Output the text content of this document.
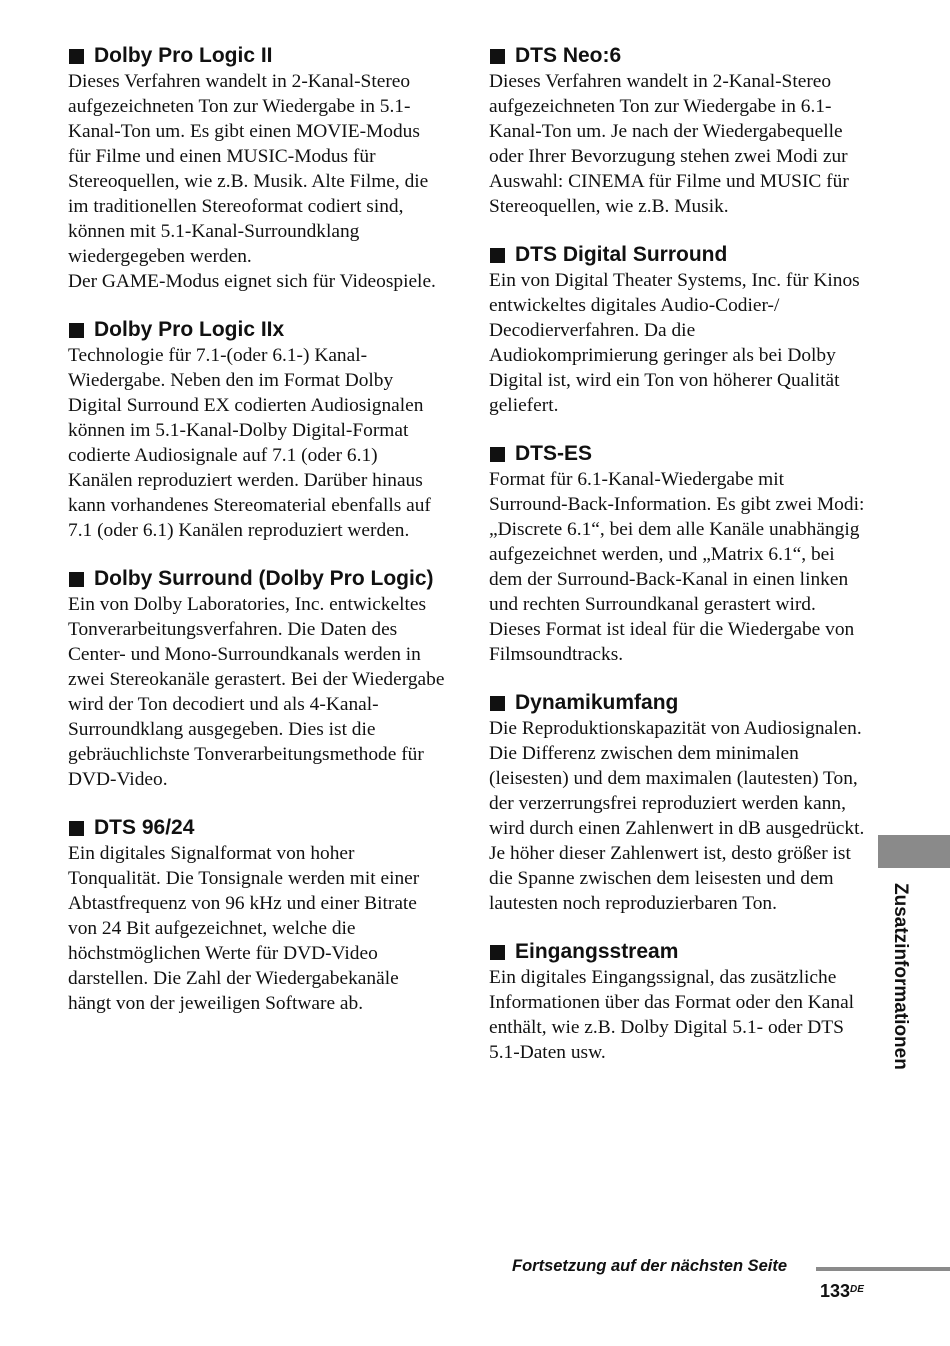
Dolby Pro Logic II

Dieses Verfahren wandelt in 2-Kanal-Stereo aufgezeichneten Ton zur Wiedergabe in 5.1-Kanal-Ton um. Es gibt einen MOVIE-Modus für Filme und einen MUSIC-Modus für Stereoquellen, wie z.B. Musik. Alte Filme, die im traditionellen Stereoformat codiert sind, können mit 5.1-Kanal-Surroundklang wiedergegeben werden.
Der GAME-Modus eignet sich für Videospiele.

Dolby Pro Logic IIx

Technologie für 7.1-(oder 6.1-) Kanal-Wiedergabe. Neben den im Format Dolby Digital Surround EX codierten Audiosignalen können im 5.1-Kanal-Dolby Digital-Format codierte Audiosignale auf 7.1 (oder 6.1) Kanälen reproduziert werden. Darüber hinaus kann vorhandenes Stereomaterial ebenfalls auf 7.1 (oder 6.1) Kanälen reproduziert werden.

Dolby Surround (Dolby Pro Logic)

Ein von Dolby Laboratories, Inc. entwickeltes Tonverarbeitungsverfahren. Die Daten des Center- und Mono-Surroundkanals werden in zwei Stereokanäle gerastert. Bei der Wiedergabe wird der Ton decodiert und als 4-Kanal-Surroundklang ausgegeben. Dies ist die gebräuchlichste Tonverarbeitungsmethode für DVD-Video.

DTS 96/24

Ein digitales Signalformat von hoher Tonqualität. Die Tonsignale werden mit einer Abtastfrequenz von 96 kHz und einer Bitrate von 24 Bit aufgezeichnet, welche die höchstmöglichen Werte für DVD-Video darstellen. Die Zahl der Wiedergabekanäle hängt von der jeweiligen Software ab.

DTS Neo:6

Dieses Verfahren wandelt in 2-Kanal-Stereo aufgezeichneten Ton zur Wiedergabe in 6.1-Kanal-Ton um. Je nach der Wiedergabequelle oder Ihrer Bevorzugung stehen zwei Modi zur Auswahl: CINEMA für Filme und MUSIC für Stereoquellen, wie z.B. Musik.

DTS Digital Surround

Ein von Digital Theater Systems, Inc. für Kinos entwickeltes digitales Audio-Codier-/ Decodierverfahren. Da die Audiokomprimierung geringer als bei Dolby Digital ist, wird ein Ton von höherer Qualität geliefert.

DTS-ES

Format für 6.1-Kanal-Wiedergabe mit Surround-Back-Information. Es gibt zwei Modi: „Discrete 6.1“, bei dem alle Kanäle unabhängig aufgezeichnet werden, und „Matrix 6.1“, bei dem der Surround-Back-Kanal in einen linken und rechten Surroundkanal gerastert wird. Dieses Format ist ideal für die Wiedergabe von Filmsoundtracks.

Dynamikumfang

Die Reproduktionskapazität von Audiosignalen. Die Differenz zwischen dem minimalen (leisesten) und dem maximalen (lautesten) Ton, der verzerrungsfrei reproduziert werden kann, wird durch einen Zahlenwert in dB ausgedrückt. Je höher dieser Zahlenwert ist, desto größer ist die Spanne zwischen dem leisesten und dem lautesten noch reproduzierbaren Ton.

Eingangsstream

Ein digitales Eingangssignal, das zusätzliche Informationen über das Format oder den Kanal enthält, wie z.B. Dolby Digital 5.1- oder DTS 5.1-Daten usw.	Zusatzinformationen
Fortsetzung auf der nächsten Seite
133DE
